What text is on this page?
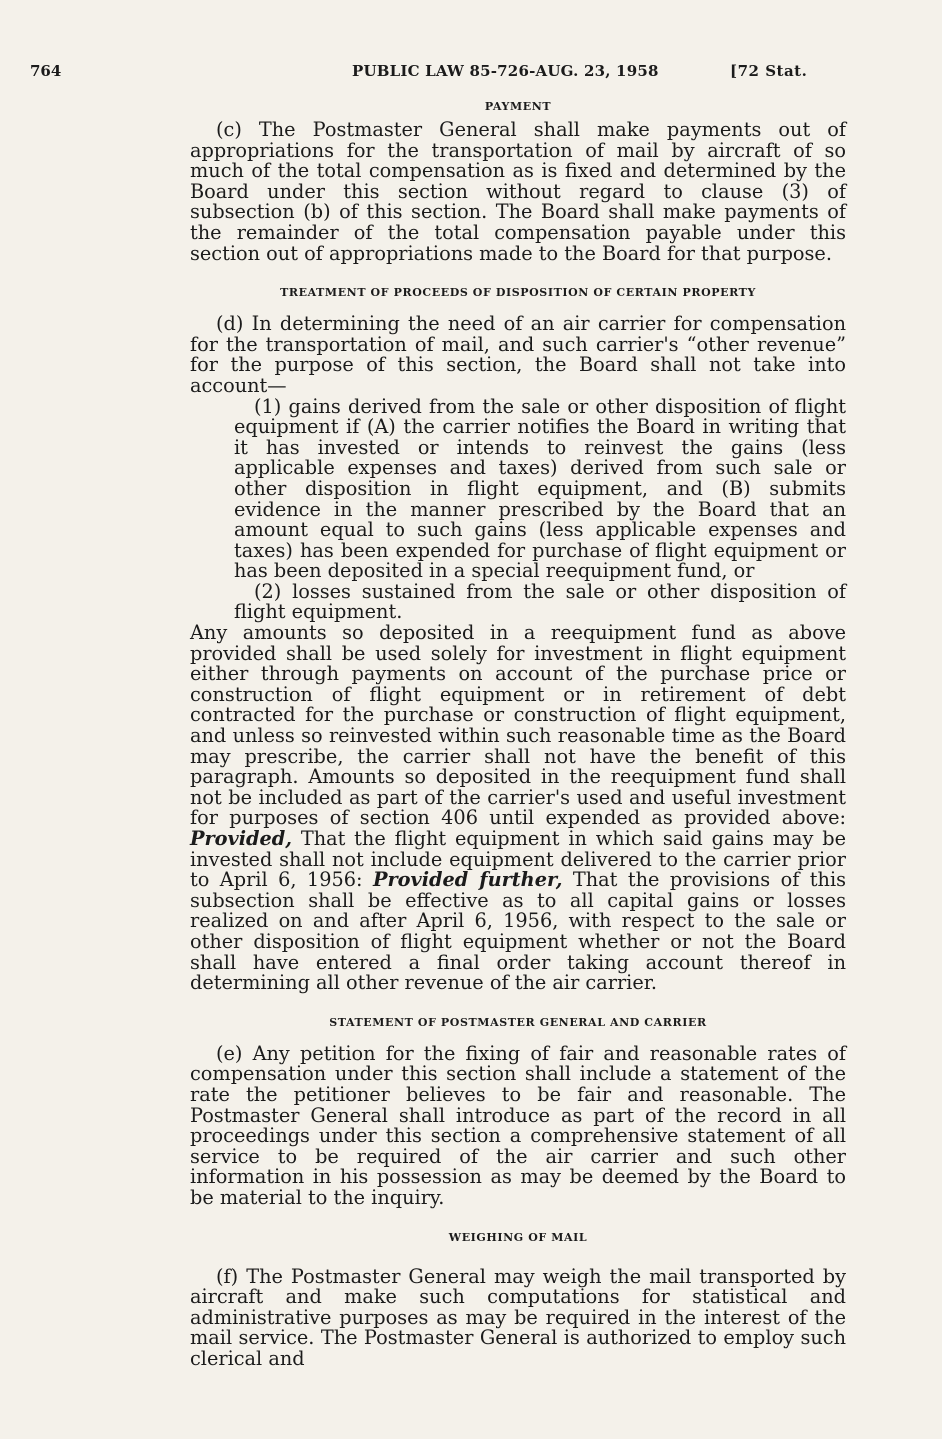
764	PUBLIC LAW 85-726-AUG. 23, 1958	[72 Stat.
PAYMENT

(c) The Postmaster General shall make payments out of appropriations for the transportation of mail by aircraft of so much of the total compensation as is fixed and determined by the Board under this section without regard to clause (3) of subsection (b) of this section. The Board shall make payments of the remainder of the total compensation payable under this section out of appropriations made to the Board for that purpose.

TREATMENT OF PROCEEDS OF DISPOSITION OF CERTAIN PROPERTY

(d) In determining the need of an air carrier for compensation for the transportation of mail, and such carrier's “other revenue” for the purpose of this section, the Board shall not take into account—

(1) gains derived from the sale or other disposition of flight equipment if (A) the carrier notifies the Board in writing that it has invested or intends to reinvest the gains (less applicable expenses and taxes) derived from such sale or other disposition in flight equipment, and (B) submits evidence in the manner prescribed by the Board that an amount equal to such gains (less applicable expenses and taxes) has been expended for purchase of flight equipment or has been deposited in a special reequipment fund, or

(2) losses sustained from the sale or other disposition of flight equipment.

Any amounts so deposited in a reequipment fund as above provided shall be used solely for investment in flight equipment either through payments on account of the purchase price or construction of flight equipment or in retirement of debt contracted for the purchase or construction of flight equipment, and unless so reinvested within such reasonable time as the Board may prescribe, the carrier shall not have the benefit of this paragraph. Amounts so deposited in the reequipment fund shall not be included as part of the carrier's used and useful investment for purposes of section 406 until expended as provided above: Provided, That the flight equipment in which said gains may be invested shall not include equipment delivered to the carrier prior to April 6, 1956: Provided further, That the provisions of this subsection shall be effective as to all capital gains or losses realized on and after April 6, 1956, with respect to the sale or other disposition of flight equipment whether or not the Board shall have entered a final order taking account thereof in determining all other revenue of the air carrier.

STATEMENT OF POSTMASTER GENERAL AND CARRIER

(e) Any petition for the fixing of fair and reasonable rates of compensation under this section shall include a statement of the rate the petitioner believes to be fair and reasonable. The Postmaster General shall introduce as part of the record in all proceedings under this section a comprehensive statement of all service to be required of the air carrier and such other information in his possession as may be deemed by the Board to be material to the inquiry.

WEIGHING OF MAIL

(f) The Postmaster General may weigh the mail transported by aircraft and make such computations for statistical and administrative purposes as may be required in the interest of the mail service. The Postmaster General is authorized to employ such clerical and
